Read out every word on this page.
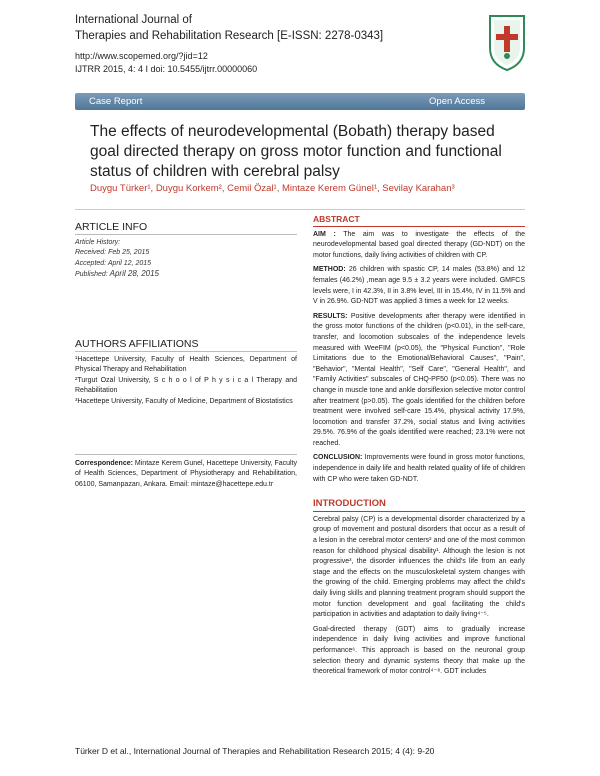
International Journal of
Therapies and Rehabilitation Research [E-ISSN: 2278-0343]
http://www.scopemed.org/?jid=12
IJTRR 2015, 4: 4 I doi: 10.5455/ijtrr.00000060
Case Report	Open Access
The effects of neurodevelopmental (Bobath) therapy based goal directed therapy on gross motor function and functional status of children with cerebral palsy
Duygu Türker¹, Duygu Korkem², Cemil Özal¹, Mintaze Kerem Günel¹, Sevilay Karahan³
ARTICLE INFO
Article History:
Received: Feb 25, 2015
Accepted: April 12, 2015
Published: April 28, 2015
AUTHORS AFFILIATIONS
¹Hacettepe University, Faculty of Health Sciences, Department of Physical Therapy and Rehabilitation
²Turgut Ozal University, S c h o o l of P h y s i c a l Therapy and Rehabilitation
³Hacettepe University, Faculty of Medicine, Department of Biostatistics
Correspondence: Mintaze Kerem Gunel, Hacettepe University, Faculty of Health Sciences, Department of Physiotherapy and Rehabilitation, 06100, Samanpazarı, Ankara. Email: mintaze@hacettepe.edu.tr
ABSTRACT

AIM : The aim was to investigate the effects of the neurodevelopmental based goal directed therapy (GD-NDT) on the motor functions, daily living activities of children with CP.

METHOD: 26 children with spastic CP, 14 males (53.8%) and 12 females (46.2%) ,mean age 9.5 ± 3.2 years were included. GMFCS levels were, I in 42.3%, II in 3.8% level, III in 15.4%, IV in 11.5% and V in 26.9%. GD-NDT was applied 3 times a week for 12 weeks.

RESULTS: Positive developments after therapy were identified in the gross motor functions of the children (p<0.01), in the self-care, transfer, and locomotion subscales of the independence levels measured with WeeFIM (p<0.05), the "Physical Function", "Role Limitations due to the Emotional/Behavioral Causes", "Pain", "Behavior", "Mental Health", "Self Care", "General Health", and "Family Activities" subscales of CHQ-PF50 (p<0.05). There was no change in muscle tone and ankle dorsiflexion selective motor control after treatment (p>0.05). The goals identified for the children before treatment were involved self-care 15.4%, physical activity 17.9%, locomotion and transfer 37.2%, social status and living activities 29.5%. 76.9% of the goals identified were reached; 23.1% were not reached.

CONCLUSION: Improvements were found in gross motor functions, independence in daily life and health related quality of life of children with CP who were taken GD-NDT.

INTRODUCTION

Cerebral palsy (CP) is a developmental disorder characterized by a group of movement and postural disorders that occur as a result of a lesion in the cerebral motor centers² and one of the most common reason for childhood physical disability¹. Although the lesion is not progressive³, the disorder influences the child's life from an early stage and the effects on the musculoskeletal system changes with the growing of the child. Emerging problems may affect the child's daily living skills and planning treatment program should support the motor function development and goal facilitating the child's participation in activities and adaptation to daily living⁴⁻⁵.

Goal-directed therapy (GDT) aims to gradually increase independence in daily living activities and improve functional performance⁶. This approach is based on the neuronal group selection theory and dynamic systems theory that make up the theoretical framework of motor control⁴⁻⁸. GDT includes

Türker D et al., International Journal of Therapies and Rehabilitation Research 2015; 4 (4): 9-20
